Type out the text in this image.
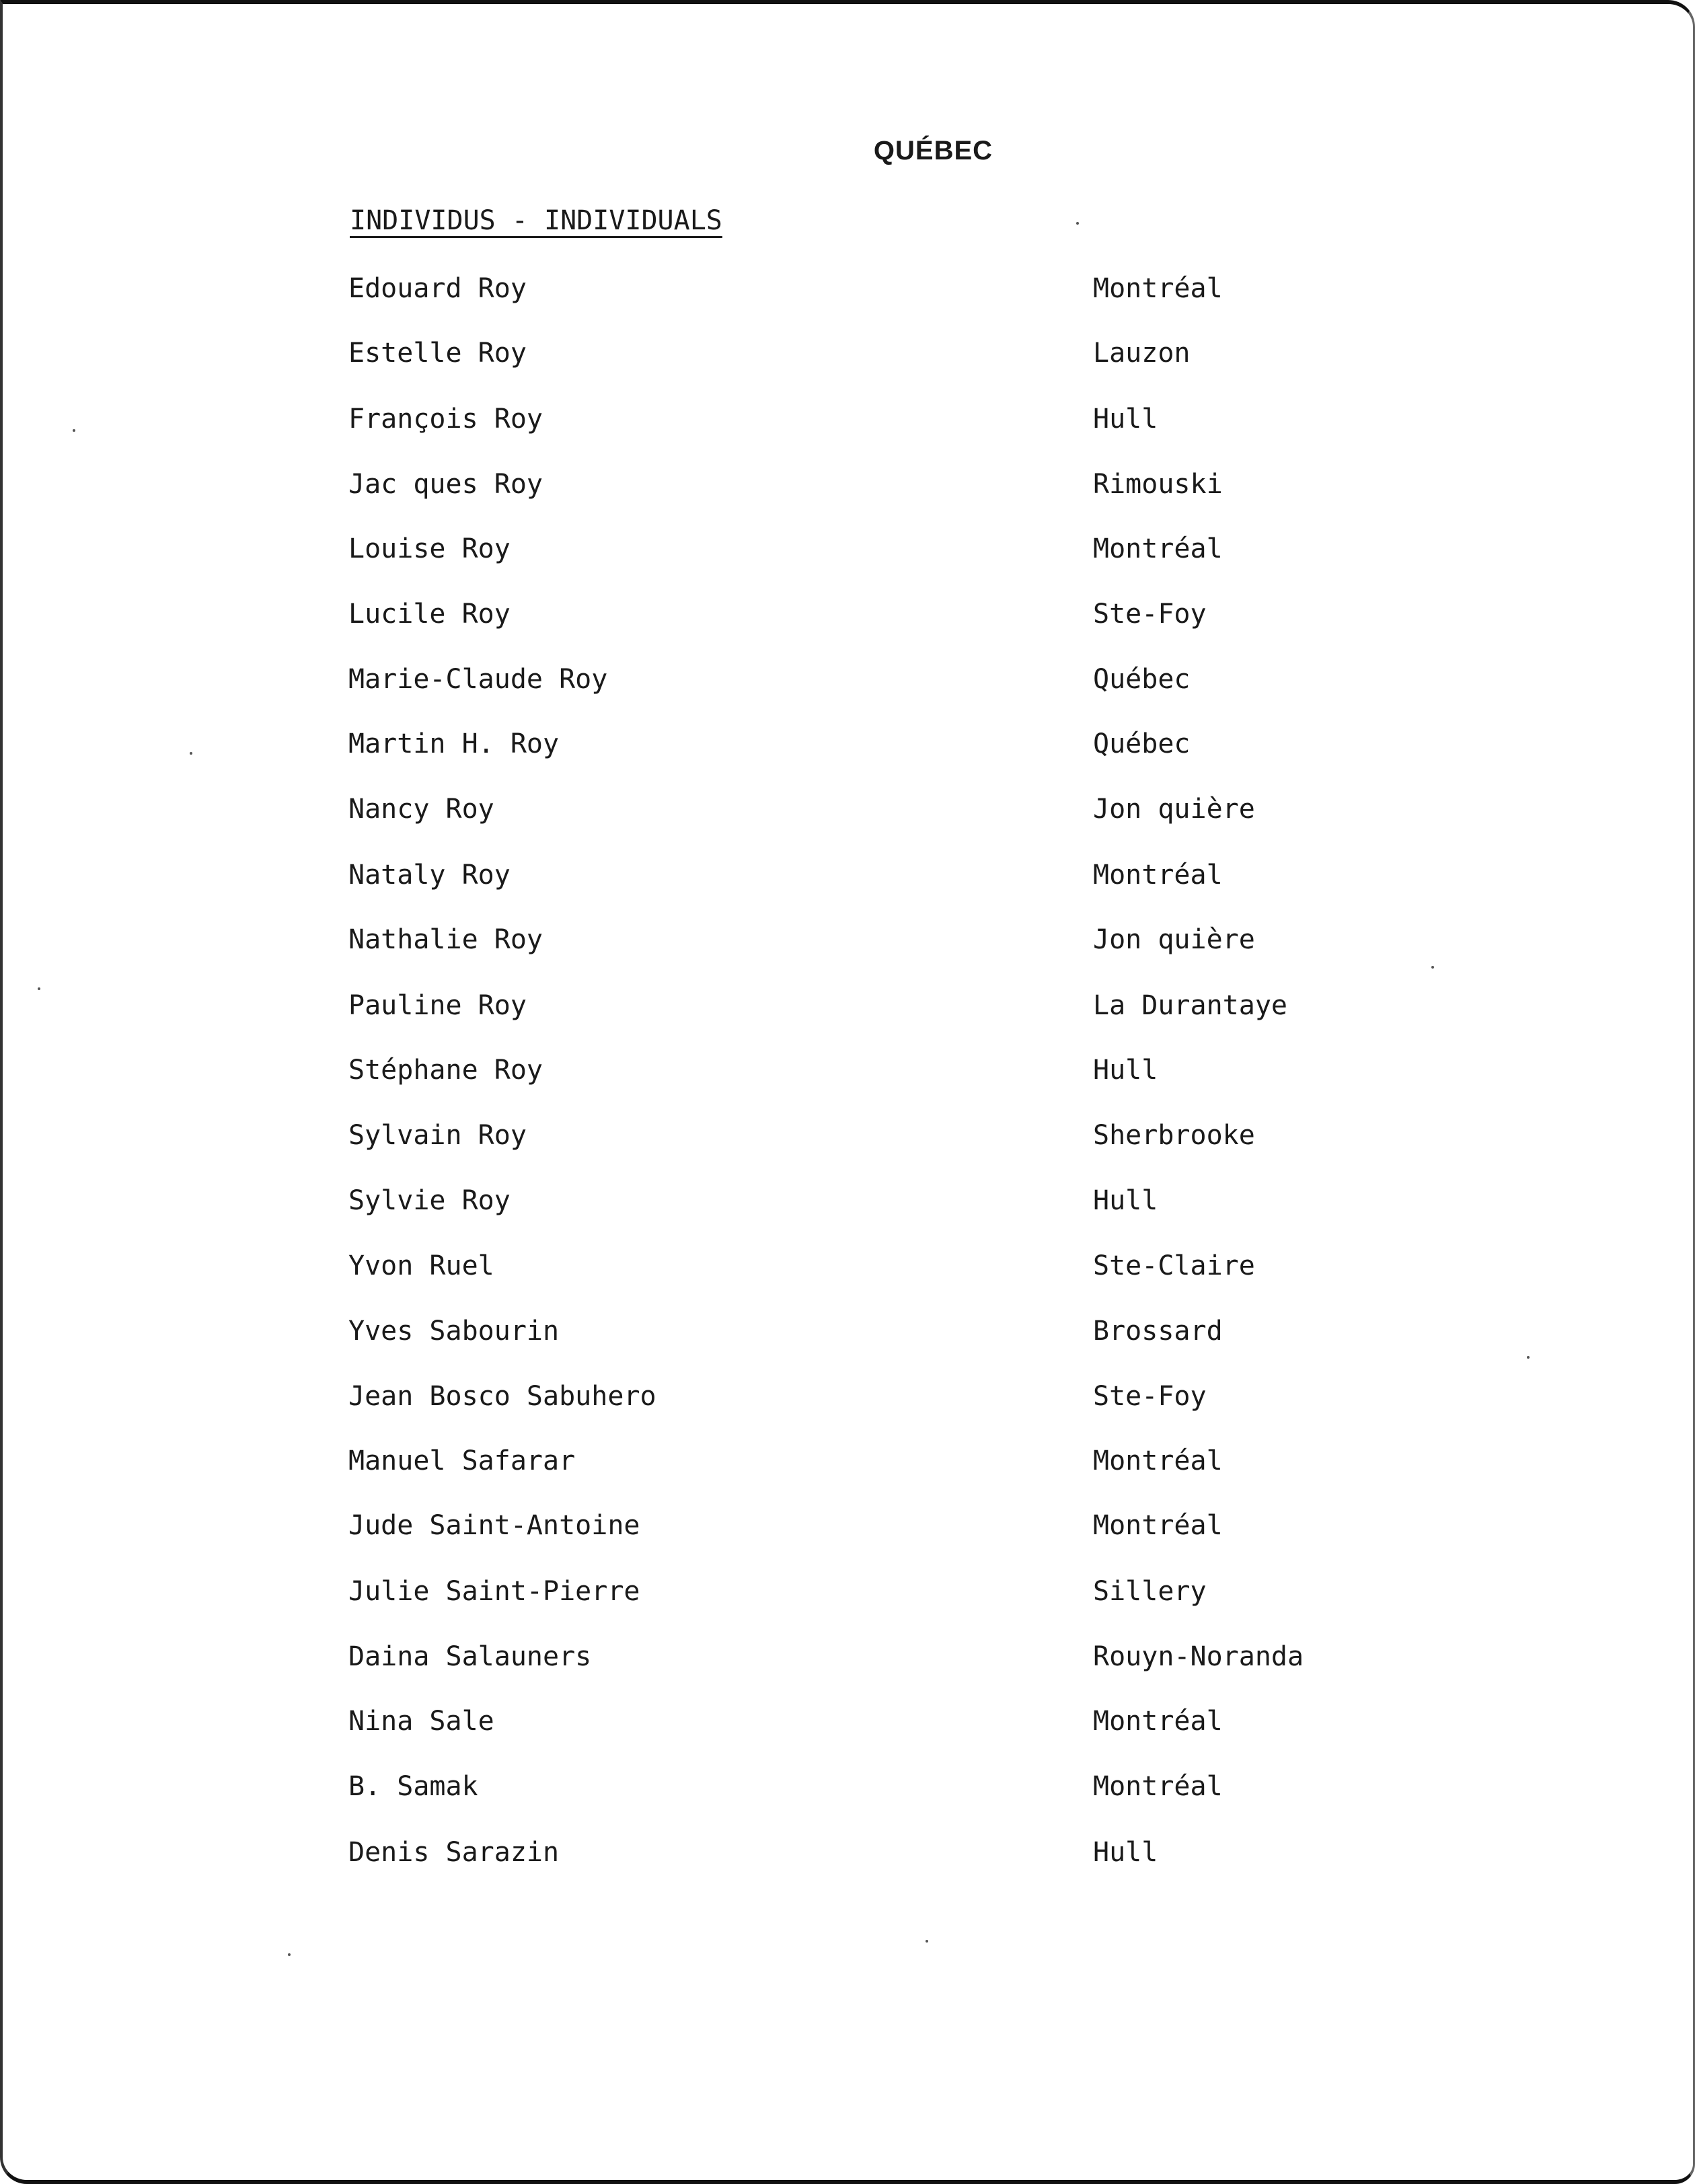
QUÉBEC
INDIVIDUS - INDIVIDUALS
Edouard Roy	Montréal
Estelle Roy	Lauzon
François Roy	Hull
Jac ques Roy	Rimouski
Louise Roy	Montréal
Lucile Roy	Ste-Foy
Marie-Claude Roy	Québec
Martin H. Roy	Québec
Nancy Roy	Jon quière
Nataly Roy	Montréal
Nathalie Roy	Jon quière
Pauline Roy	La Durantaye
Stéphane Roy	Hull
Sylvain Roy	Sherbrooke
Sylvie Roy	Hull
Yvon Ruel	Ste-Claire
Yves Sabourin	Brossard
Jean Bosco Sabuhero	Ste-Foy
Manuel Safarar	Montréal
Jude Saint-Antoine	Montréal
Julie Saint-Pierre	Sillery
Daina Salauners	Rouyn-Noranda
Nina Sale	Montréal
B. Samak	Montréal
Denis Sarazin	Hull
